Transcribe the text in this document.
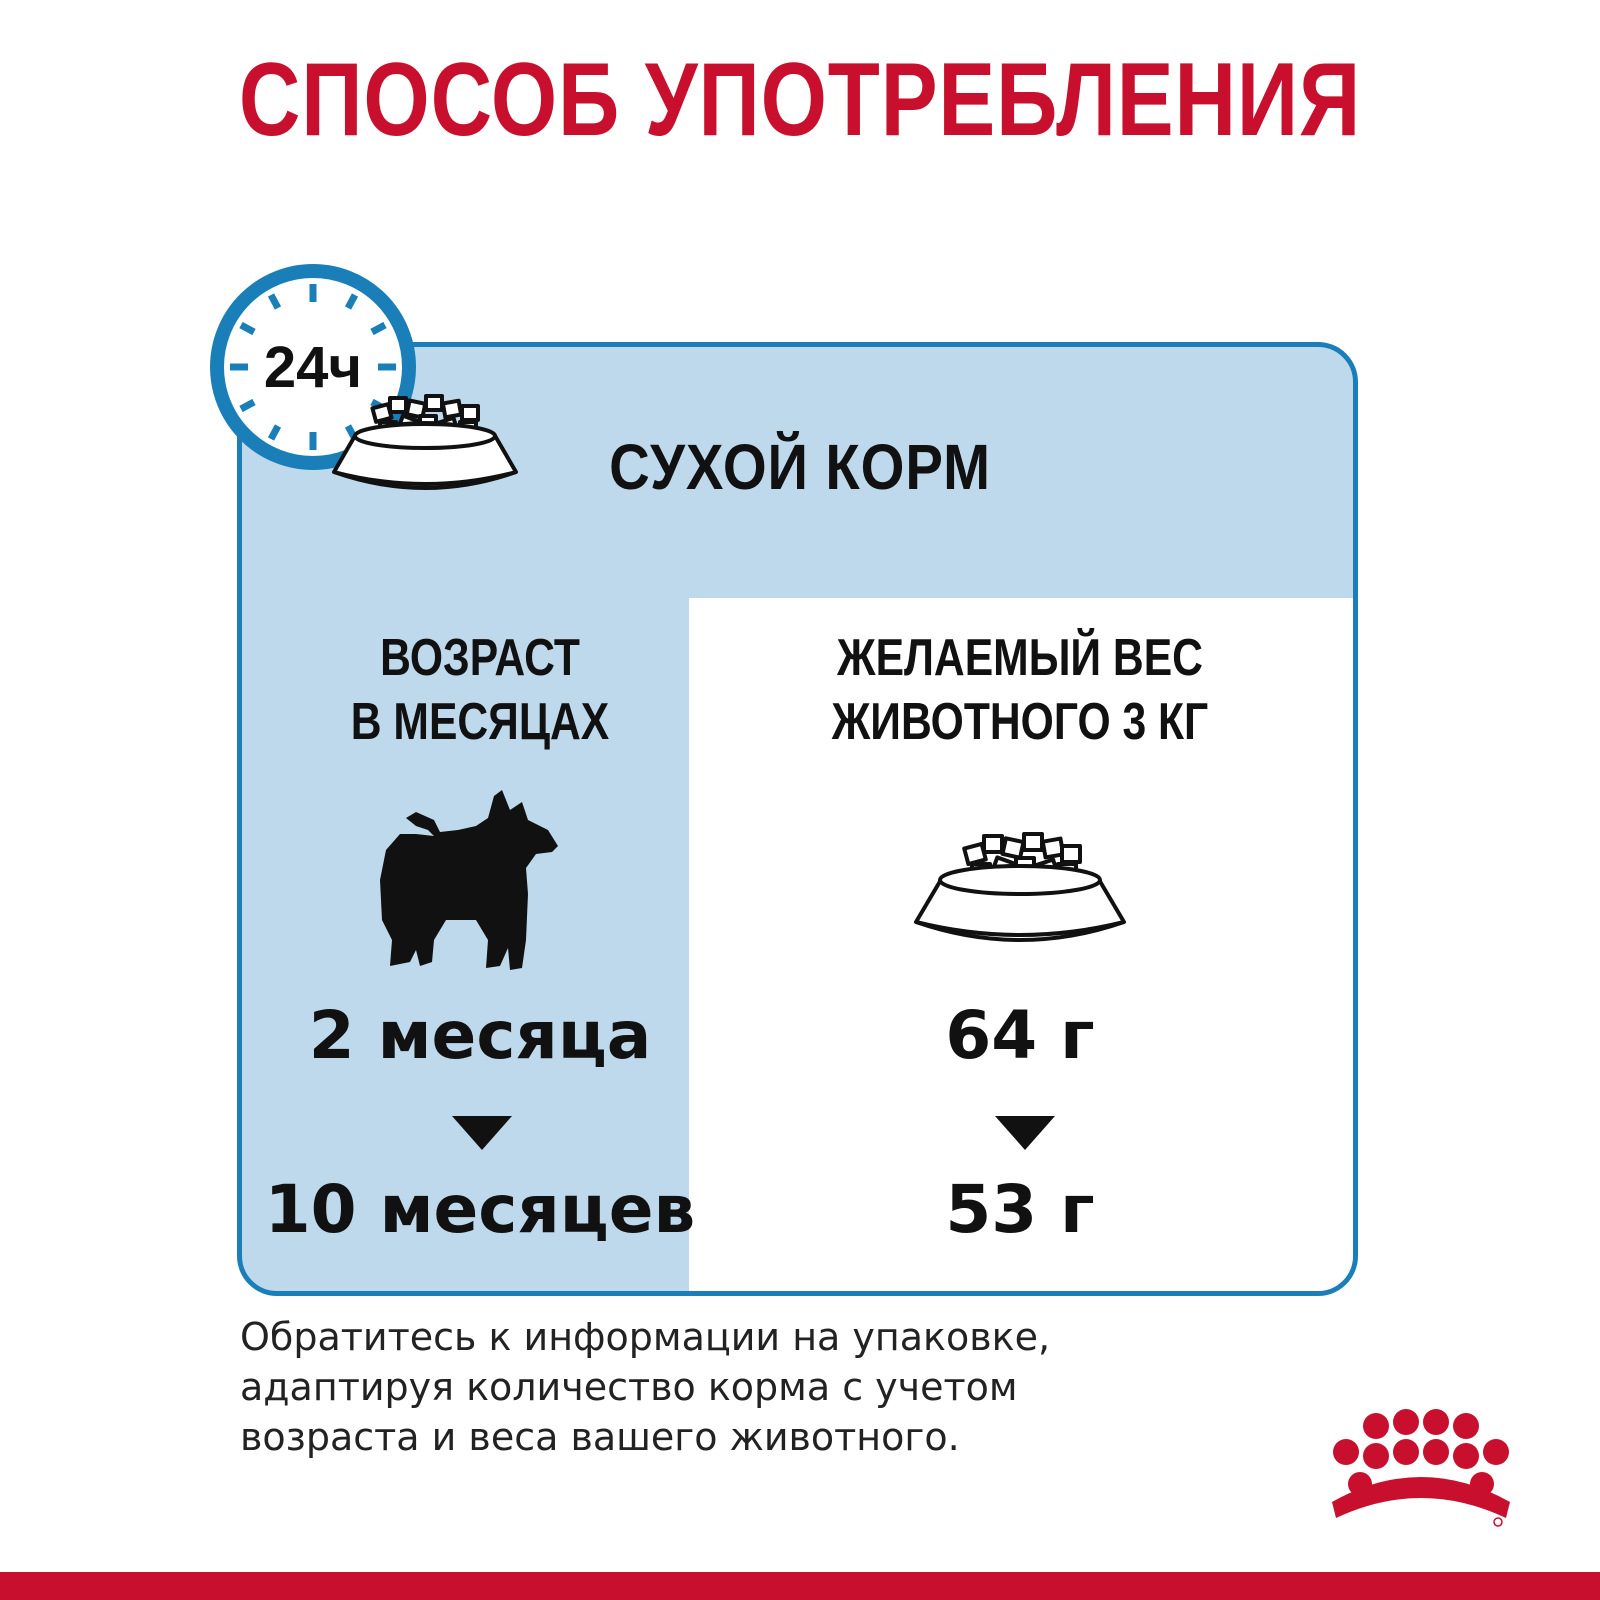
СПОСОБ УПОТРЕБЛЕНИЯ
24ч
СУХОЙ КОРМ
ВОЗРАСТ
В МЕСЯЦАХ
2 месяца
10 месяцев
ЖЕЛАЕМЫЙ ВЕС
ЖИВОТНОГО 3 КГ
64 г
53 г
Обратитесь к информации на упаковке,
адаптируя количество корма с учетом
возраста и веса вашего животного.
